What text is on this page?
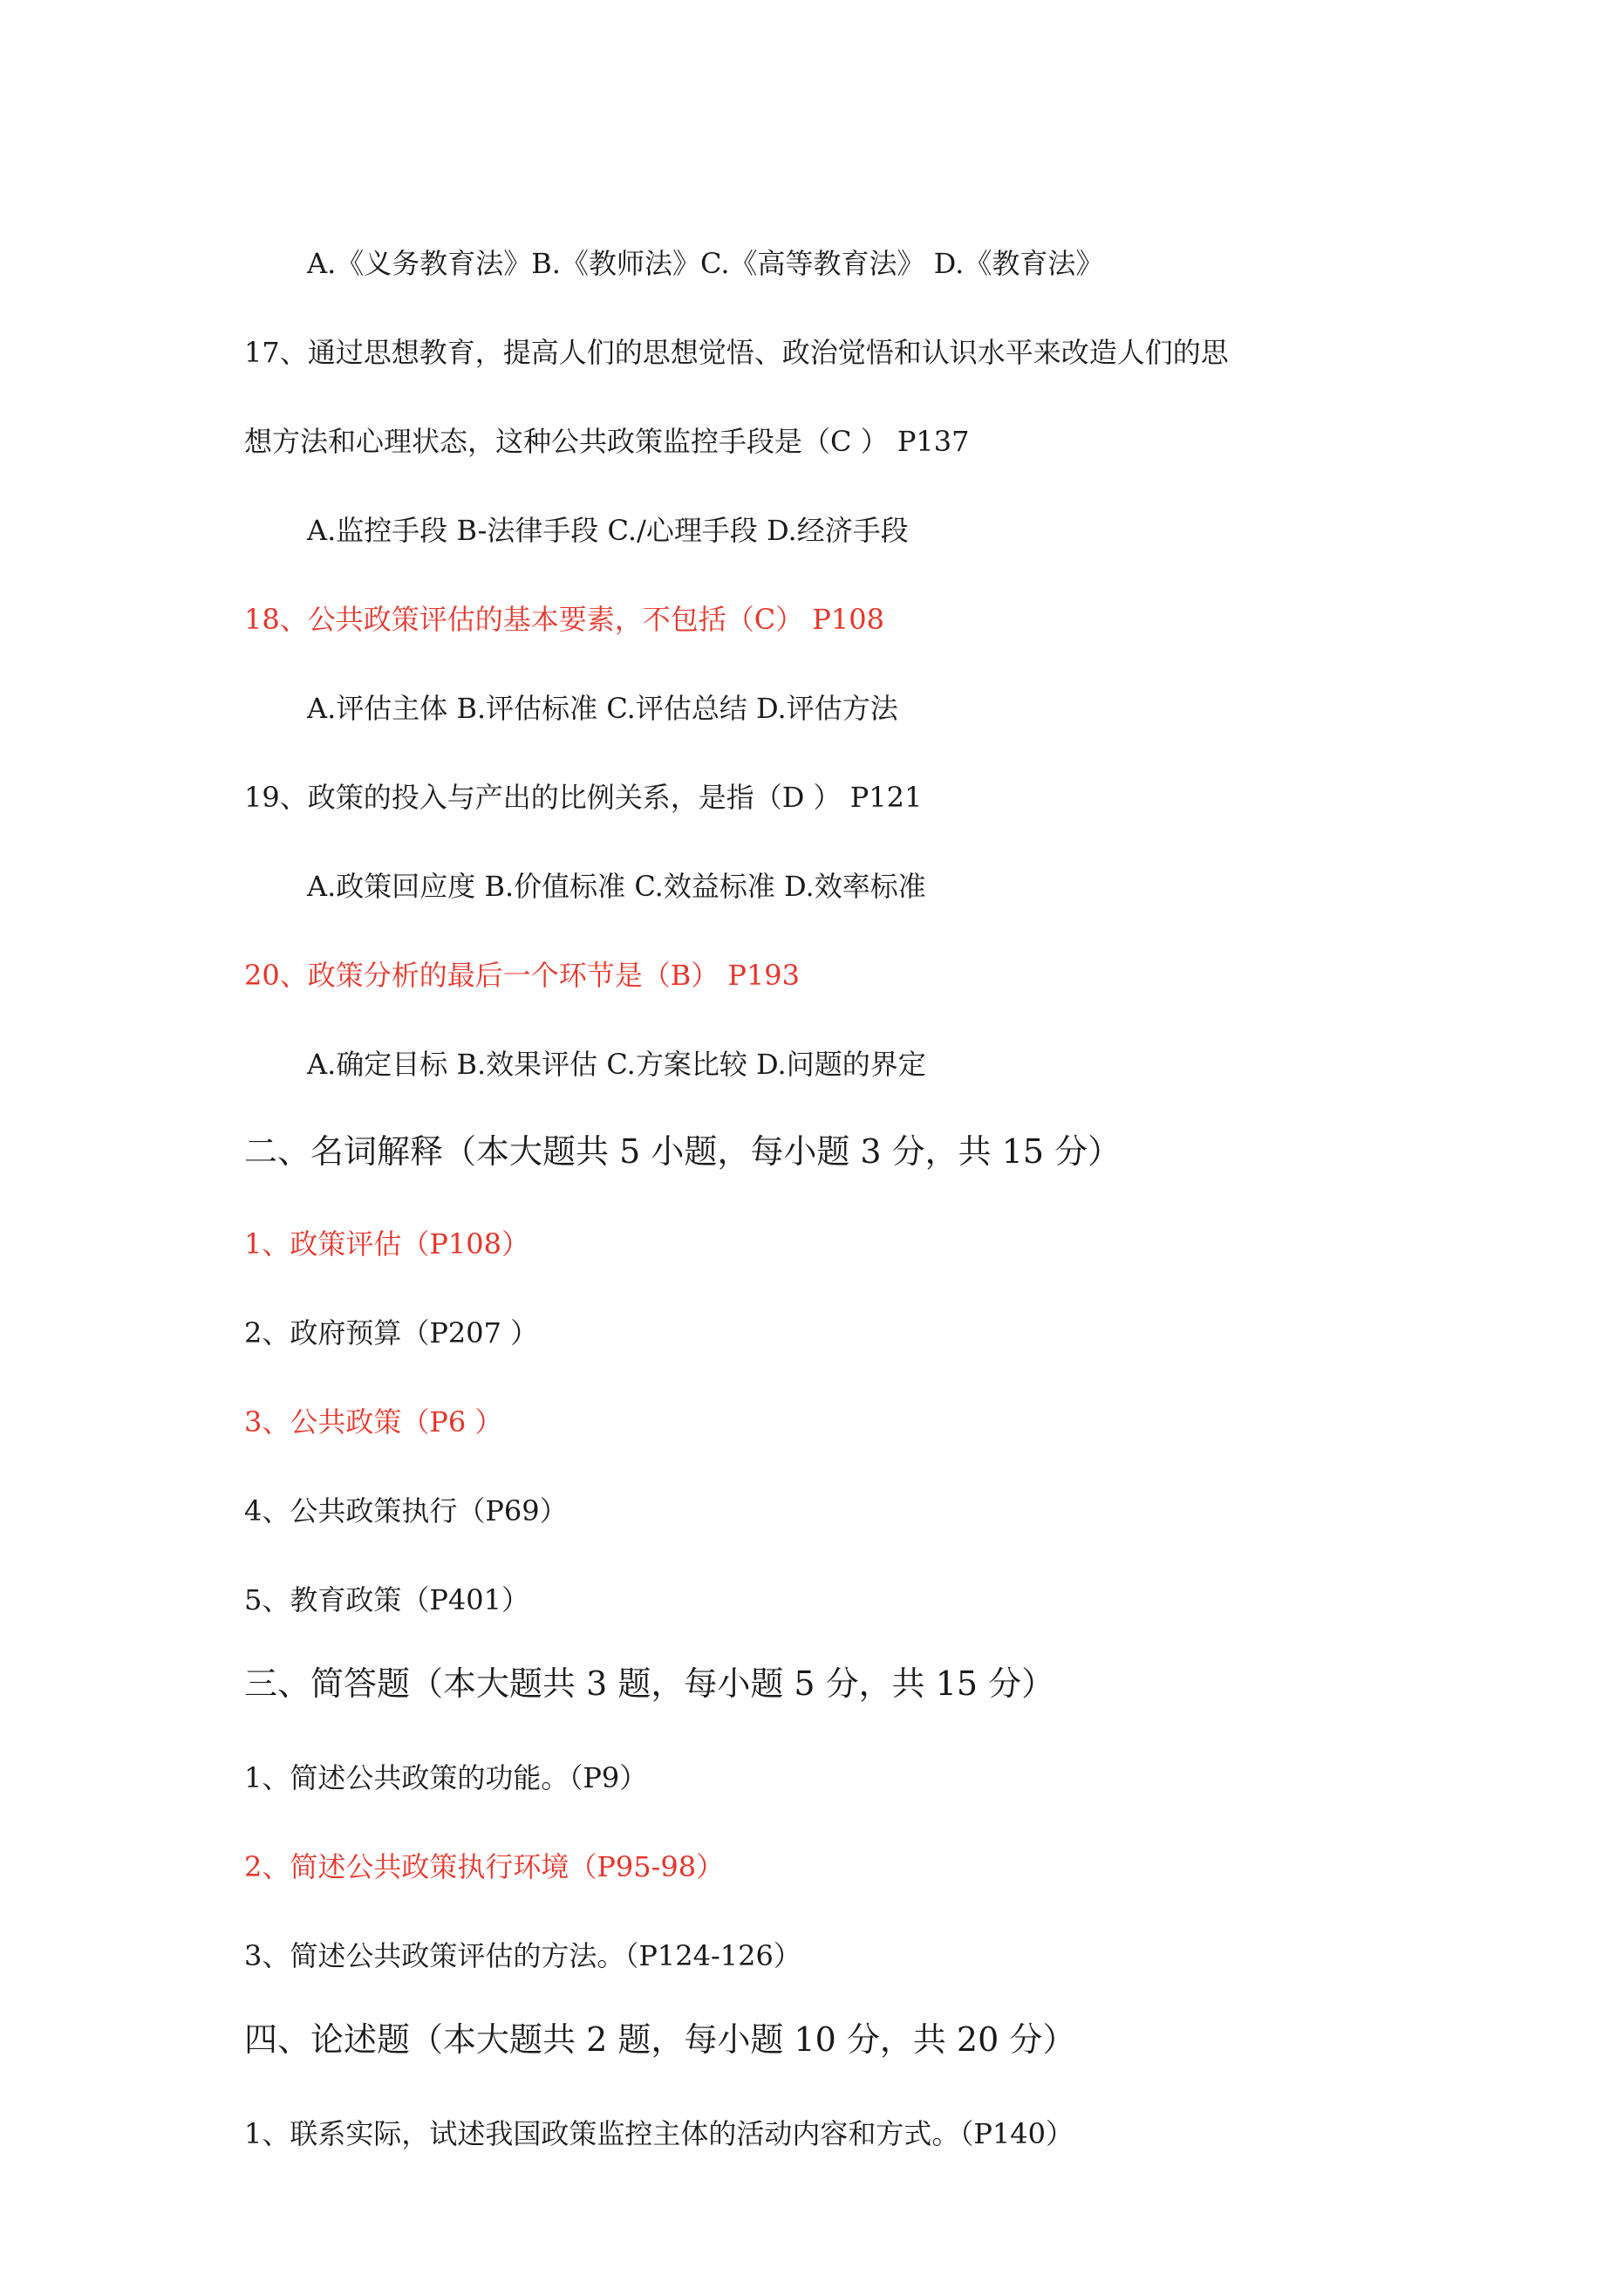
A.《义务教育法》B.《教师法》C.《高等教育法》 D.《教育法》
17、通过思想教育，提高人们的思想觉悟、政治觉悟和认识水平来改造人们的思
想方法和心理状态，这种公共政策监控手段是（C ） P137
A.监控手段 B-法律手段 C./心理手段 D.经济手段
18、公共政策评估的基本要素，不包括（C） P108
A.评估主体 B.评估标准 C.评估总结 D.评估方法
19、政策的投入与产出的比例关系，是指（D ） P121
A.政策回应度 B.价值标准 C.效益标准 D.效率标准
20、政策分析的最后一个环节是（B） P193
A.确定目标 B.效果评估 C.方案比较 D.问题的界定
二、名词解释（本大题共 5 小题，每小题 3 分，共 15 分）
1、政策评估（P108）
2、政府预算（P207 ）
3、公共政策（P6 ）
4、公共政策执行（P69）
5、教育政策（P401）
三、简答题（本大题共 3 题，每小题 5 分，共 15 分）
1、简述公共政策的功能。（P9）
2、简述公共政策执行环境（P95-98）
3、简述公共政策评估的方法。（P124-126）
四、论述题（本大题共 2 题，每小题 10 分，共 20 分）
1、联系实际，试述我国政策监控主体的活动内容和方式。（P140）
